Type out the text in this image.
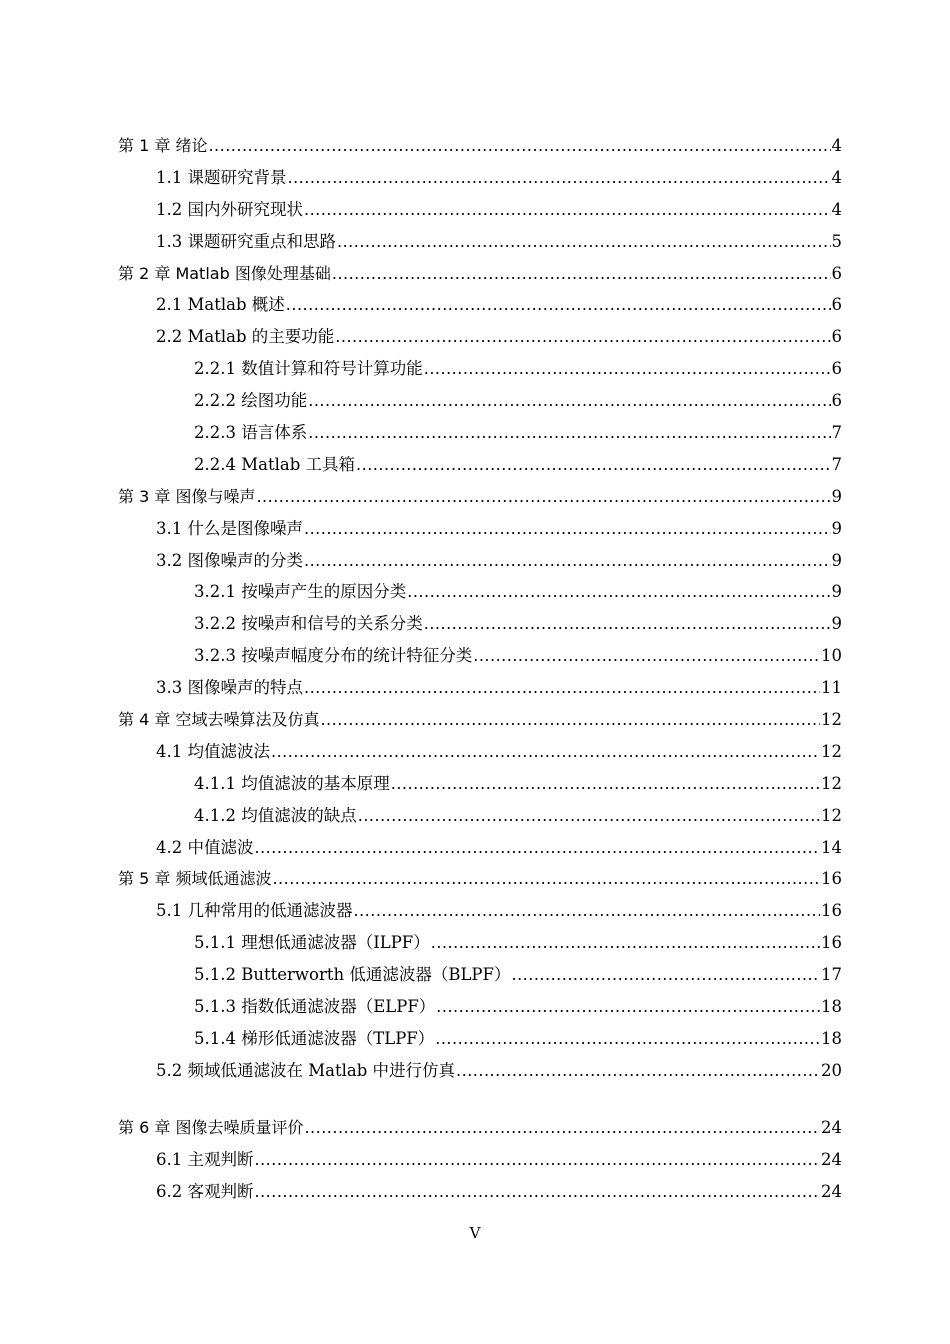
第 1 章 绪论 .....	4
1.1 课题研究背景 .....	4
1.2 国内外研究现状 .....	4
1.3 课题研究重点和思路 .....	5
第 2 章 Matlab 图像处理基础 .....	6
2.1 Matlab 概述 .....	6
2.2 Matlab 的主要功能 .....	6
2.2.1 数值计算和符号计算功能 .....	6
2.2.2 绘图功能 .....	6
2.2.3 语言体系 .....	7
2.2.4 Matlab 工具箱 .....	7
第 3 章 图像与噪声 .....	9
3.1 什么是图像噪声 .....	9
3.2 图像噪声的分类 .....	9
3.2.1 按噪声产生的原因分类 .....	9
3.2.2 按噪声和信号的关系分类 .....	9
3.2.3 按噪声幅度分布的统计特征分类 .....	10
3.3 图像噪声的特点 .....	11
第 4 章 空域去噪算法及仿真 .....	12
4.1 均值滤波法 .....	12
4.1.1 均值滤波的基本原理 .....	12
4.1.2 均值滤波的缺点 .....	12
4.2 中值滤波 .....	14
第 5 章 频域低通滤波 .....	16
5.1 几种常用的低通滤波器 .....	16
5.1.1 理想低通滤波器（ILPF） .....	16
5.1.2 Butterworth 低通滤波器（BLPF） .....	17
5.1.3 指数低通滤波器（ELPF） .....	18
5.1.4 梯形低通滤波器（TLPF） .....	18
5.2 频域低通滤波在 Matlab 中进行仿真 .....	20
第 6 章 图像去噪质量评价 .....	24
6.1 主观判断 .....	24
6.2 客观判断 .....	24
V
